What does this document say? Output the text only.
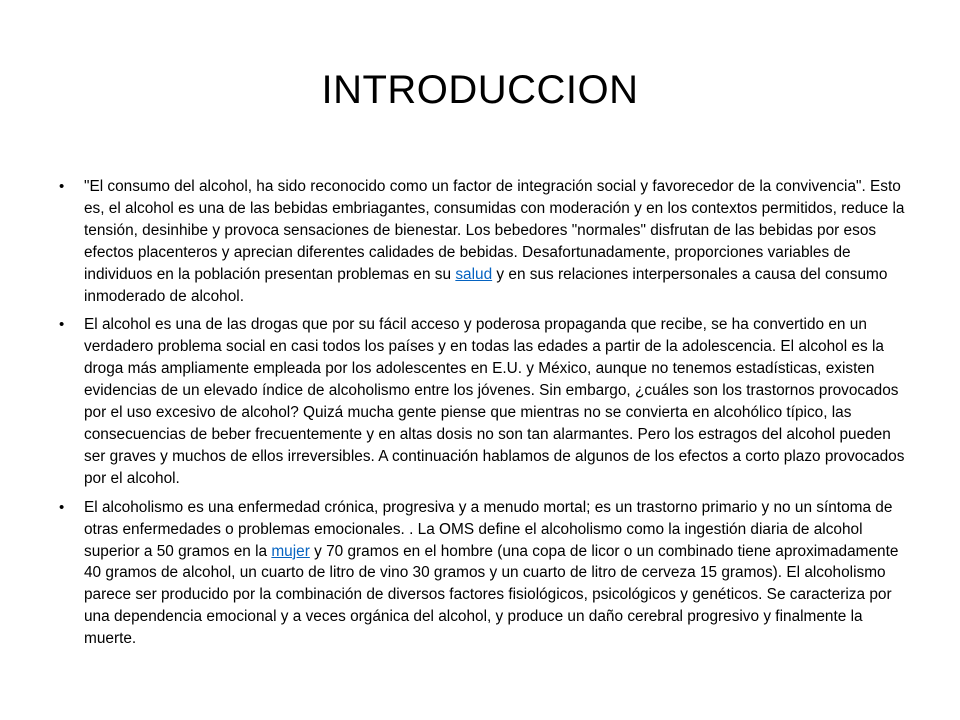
INTRODUCCION
• "El consumo del alcohol, ha sido reconocido como un factor de integración social y favorecedor de la convivencia". Esto es, el alcohol es una de las bebidas embriagantes, consumidas con moderación y en los contextos permitidos, reduce la tensión, desinhibe y provoca sensaciones de bienestar. Los bebedores "normales" disfrutan de las bebidas por esos efectos placenteros y aprecian diferentes calidades de bebidas. Desafortunadamente, proporciones variables de individuos en la población presentan problemas en su salud y en sus relaciones interpersonales a causa del consumo inmoderado de alcohol.
• El alcohol es una de las drogas que por su fácil acceso y poderosa propaganda que recibe, se ha convertido en un verdadero problema social en casi todos los países y en todas las edades a partir de la adolescencia. El alcohol es la droga más ampliamente empleada por los adolescentes en E.U. y México, aunque no tenemos estadísticas, existen evidencias de un elevado índice de alcoholismo entre los jóvenes. Sin embargo, ¿cuáles son los trastornos provocados por el uso excesivo de alcohol? Quizá mucha gente piense que mientras no se convierta en alcohólico típico, las consecuencias de beber frecuentemente y en altas dosis no son tan alarmantes. Pero los estragos del alcohol pueden ser graves y muchos de ellos irreversibles. A continuación hablamos de algunos de los efectos a corto plazo provocados por el alcohol.
• El alcoholismo es una enfermedad crónica, progresiva y a menudo mortal; es un trastorno primario y no un síntoma de otras enfermedades o problemas emocionales. . La OMS define el alcoholismo como la ingestión diaria de alcohol superior a 50 gramos en la mujer y 70 gramos en el hombre (una copa de licor o un combinado tiene aproximadamente 40 gramos de alcohol, un cuarto de litro de vino 30 gramos y un cuarto de litro de cerveza 15 gramos). El alcoholismo parece ser producido por la combinación de diversos factores fisiológicos, psicológicos y genéticos. Se caracteriza por una dependencia emocional y a veces orgánica del alcohol, y produce un daño cerebral progresivo y finalmente la muerte.
